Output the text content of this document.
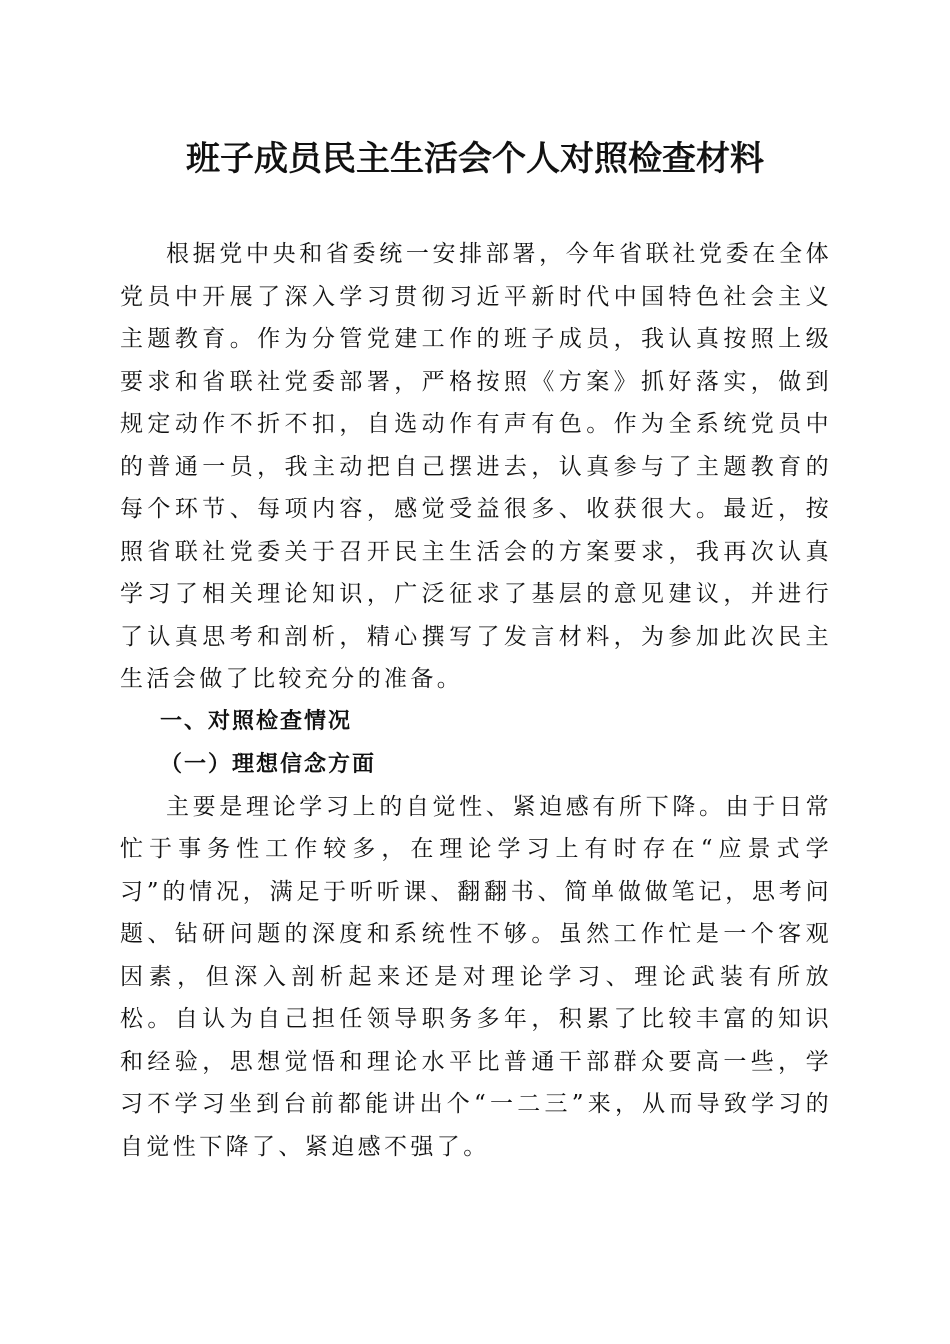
班子成员民主生活会个人对照检查材料

根据党中央和省委统一安排部署，今年省联社党委在全体党员中开展了深入学习贯彻习近平新时代中国特色社会主义主题教育。作为分管党建工作的班子成员，我认真按照上级要求和省联社党委部署，严格按照《方案》抓好落实，做到规定动作不折不扣，自选动作有声有色。作为全系统党员中的普通一员，我主动把自己摆进去，认真参与了主题教育的每个环节、每项内容，感觉受益很多、收获很大。最近，按照省联社党委关于召开民主生活会的方案要求，我再次认真学习了相关理论知识，广泛征求了基层的意见建议，并进行了认真思考和剖析，精心撰写了发言材料，为参加此次民主生活会做了比较充分的准备。

一、对照检查情况

（一）理想信念方面

主要是理论学习上的自觉性、紧迫感有所下降。由于日常忙于事务性工作较多，在理论学习上有时存在“应景式学习”的情况，满足于听听课、翻翻书、简单做做笔记，思考问题、钻研问题的深度和系统性不够。虽然工作忙是一个客观因素，但深入剖析起来还是对理论学习、理论武装有所放松。自认为自己担任领导职务多年，积累了比较丰富的知识和经验，思想觉悟和理论水平比普通干部群众要高一些，学习不学习坐到台前都能讲出个“一二三”来，从而导致学习的自觉性下降了、紧迫感不强了。
